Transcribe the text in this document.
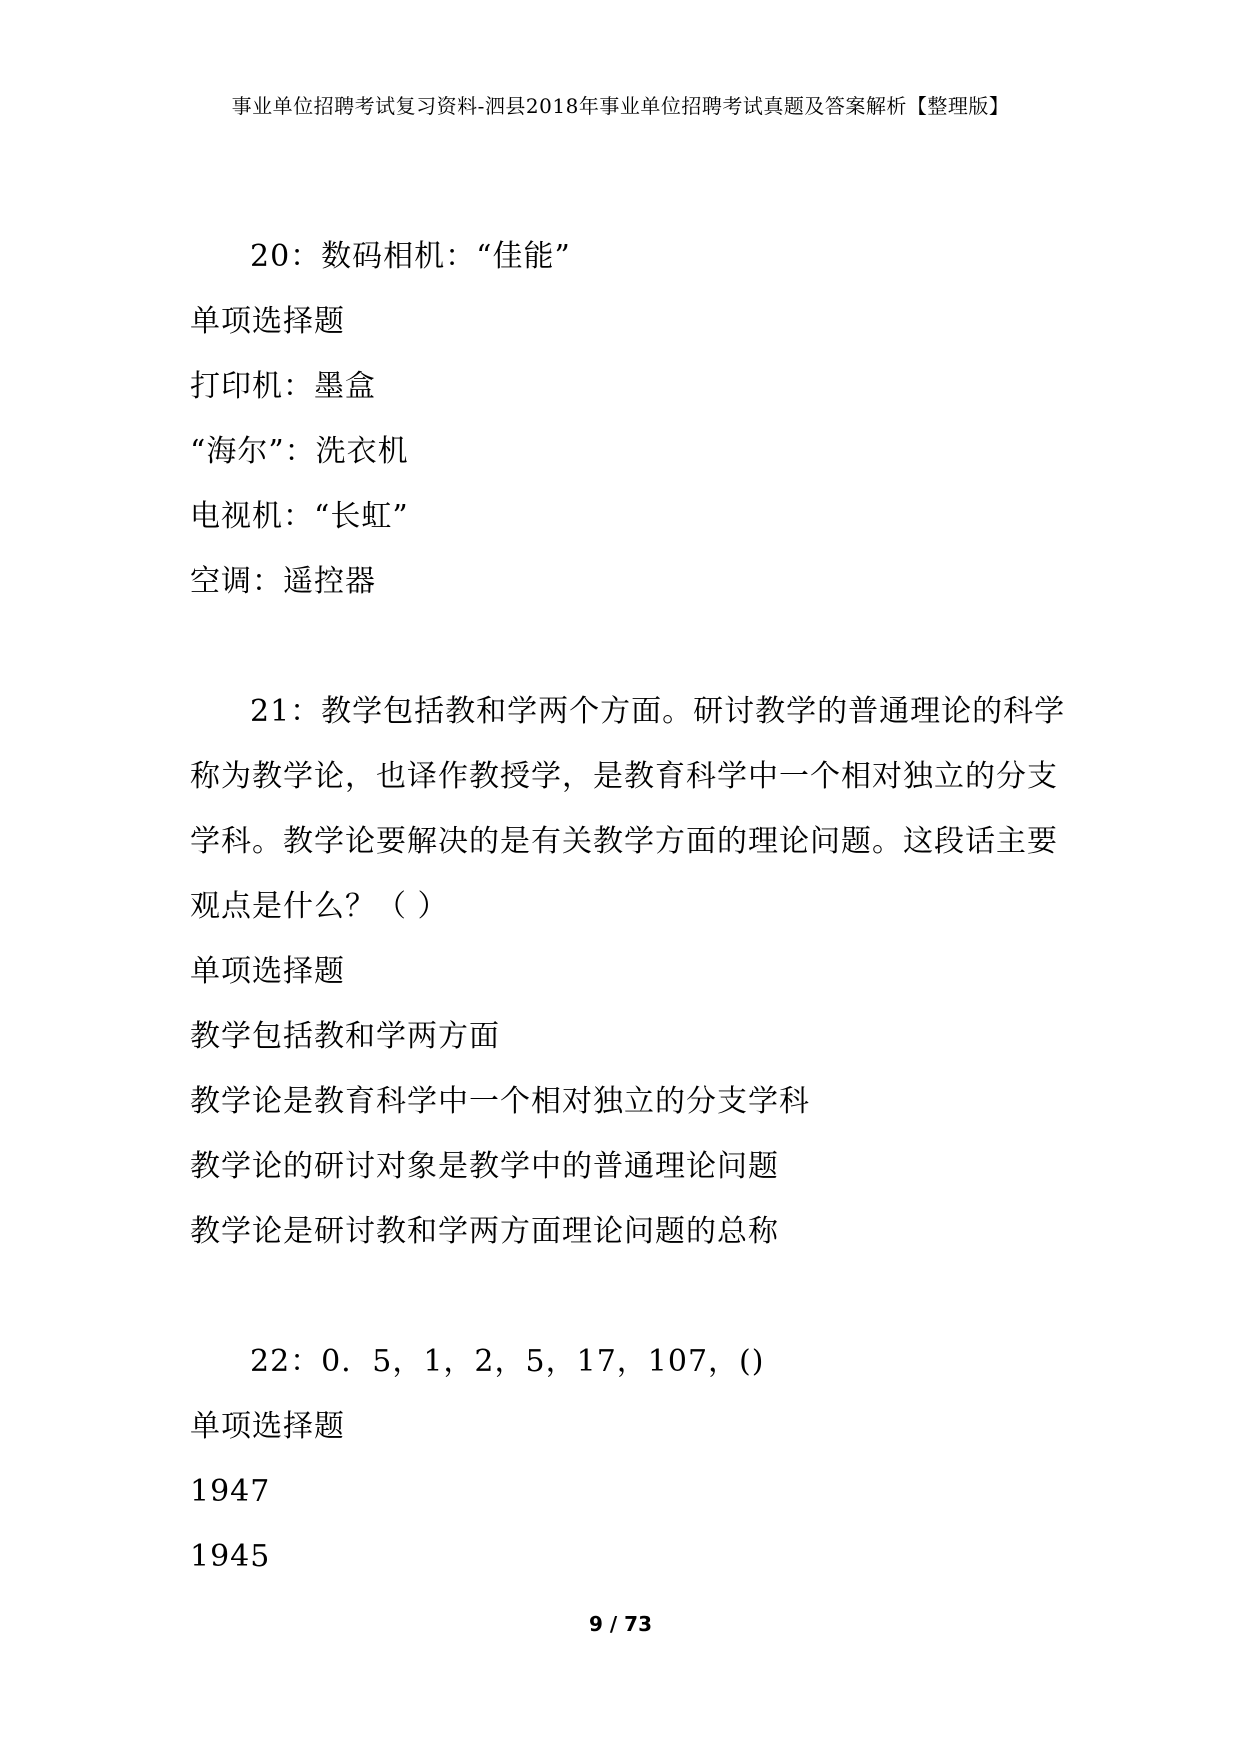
事业单位招聘考试复习资料-泗县2018年事业单位招聘考试真题及答案解析【整理版】

20：数码相机：“佳能”

单项选择题

打印机：墨盒

“海尔”：洗衣机

电视机：“长虹”

空调：遥控器

21：教学包括教和学两个方面。研讨教学的普通理论的科学称为教学论，也译作教授学，是教育科学中一个相对独立的分支学科。教学论要解决的是有关教学方面的理论问题。这段话主要观点是什么？（ ）

单项选择题

教学包括教和学两方面

教学论是教育科学中一个相对独立的分支学科

教学论的研讨对象是教学中的普通理论问题

教学论是研讨教和学两方面理论问题的总称

22：0．5，1，2，5，17，107，()

单项选择题

1947

1945

9 / 73
